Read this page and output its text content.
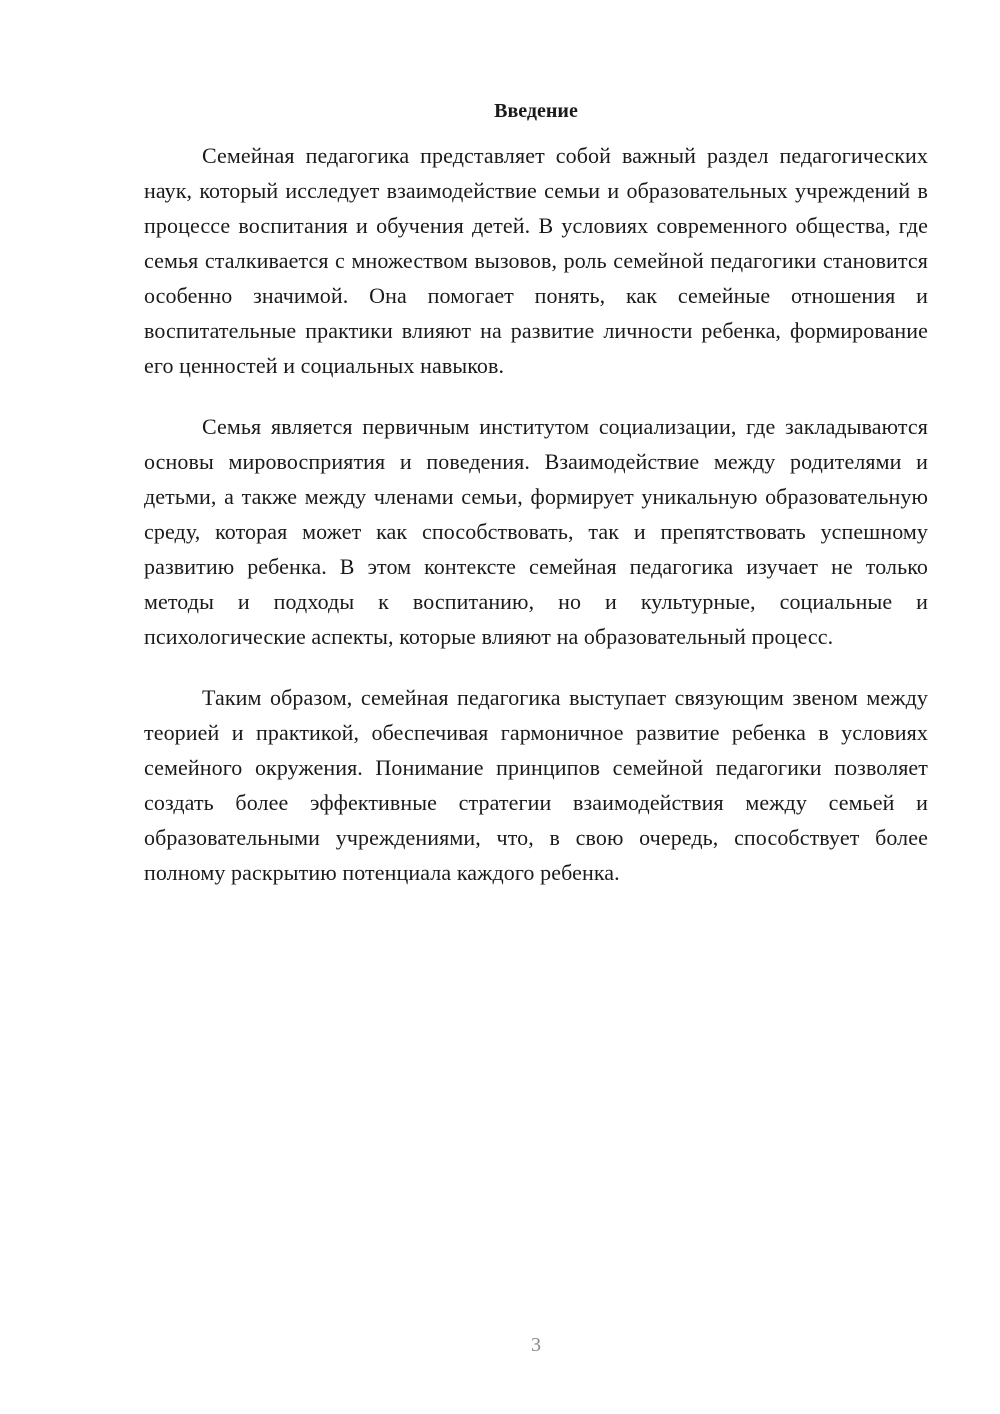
Введение

Семейная педагогика представляет собой важный раздел педагогических наук, который исследует взаимодействие семьи и образовательных учреждений в процессе воспитания и обучения детей. В условиях современного общества, где семья сталкивается с множеством вызовов, роль семейной педагогики становится особенно значимой. Она помогает понять, как семейные отношения и воспитательные практики влияют на развитие личности ребенка, формирование его ценностей и социальных навыков.

Семья является первичным институтом социализации, где закладываются основы мировосприятия и поведения. Взаимодействие между родителями и детьми, а также между членами семьи, формирует уникальную образовательную среду, которая может как способствовать, так и препятствовать успешному развитию ребенка. В этом контексте семейная педагогика изучает не только методы и подходы к воспитанию, но и культурные, социальные и психологические аспекты, которые влияют на образовательный процесс.

Таким образом, семейная педагогика выступает связующим звеном между теорией и практикой, обеспечивая гармоничное развитие ребенка в условиях семейного окружения. Понимание принципов семейной педагогики позволяет создать более эффективные стратегии взаимодействия между семьей и образовательными учреждениями, что, в свою очередь, способствует более полному раскрытию потенциала каждого ребенка.

3
